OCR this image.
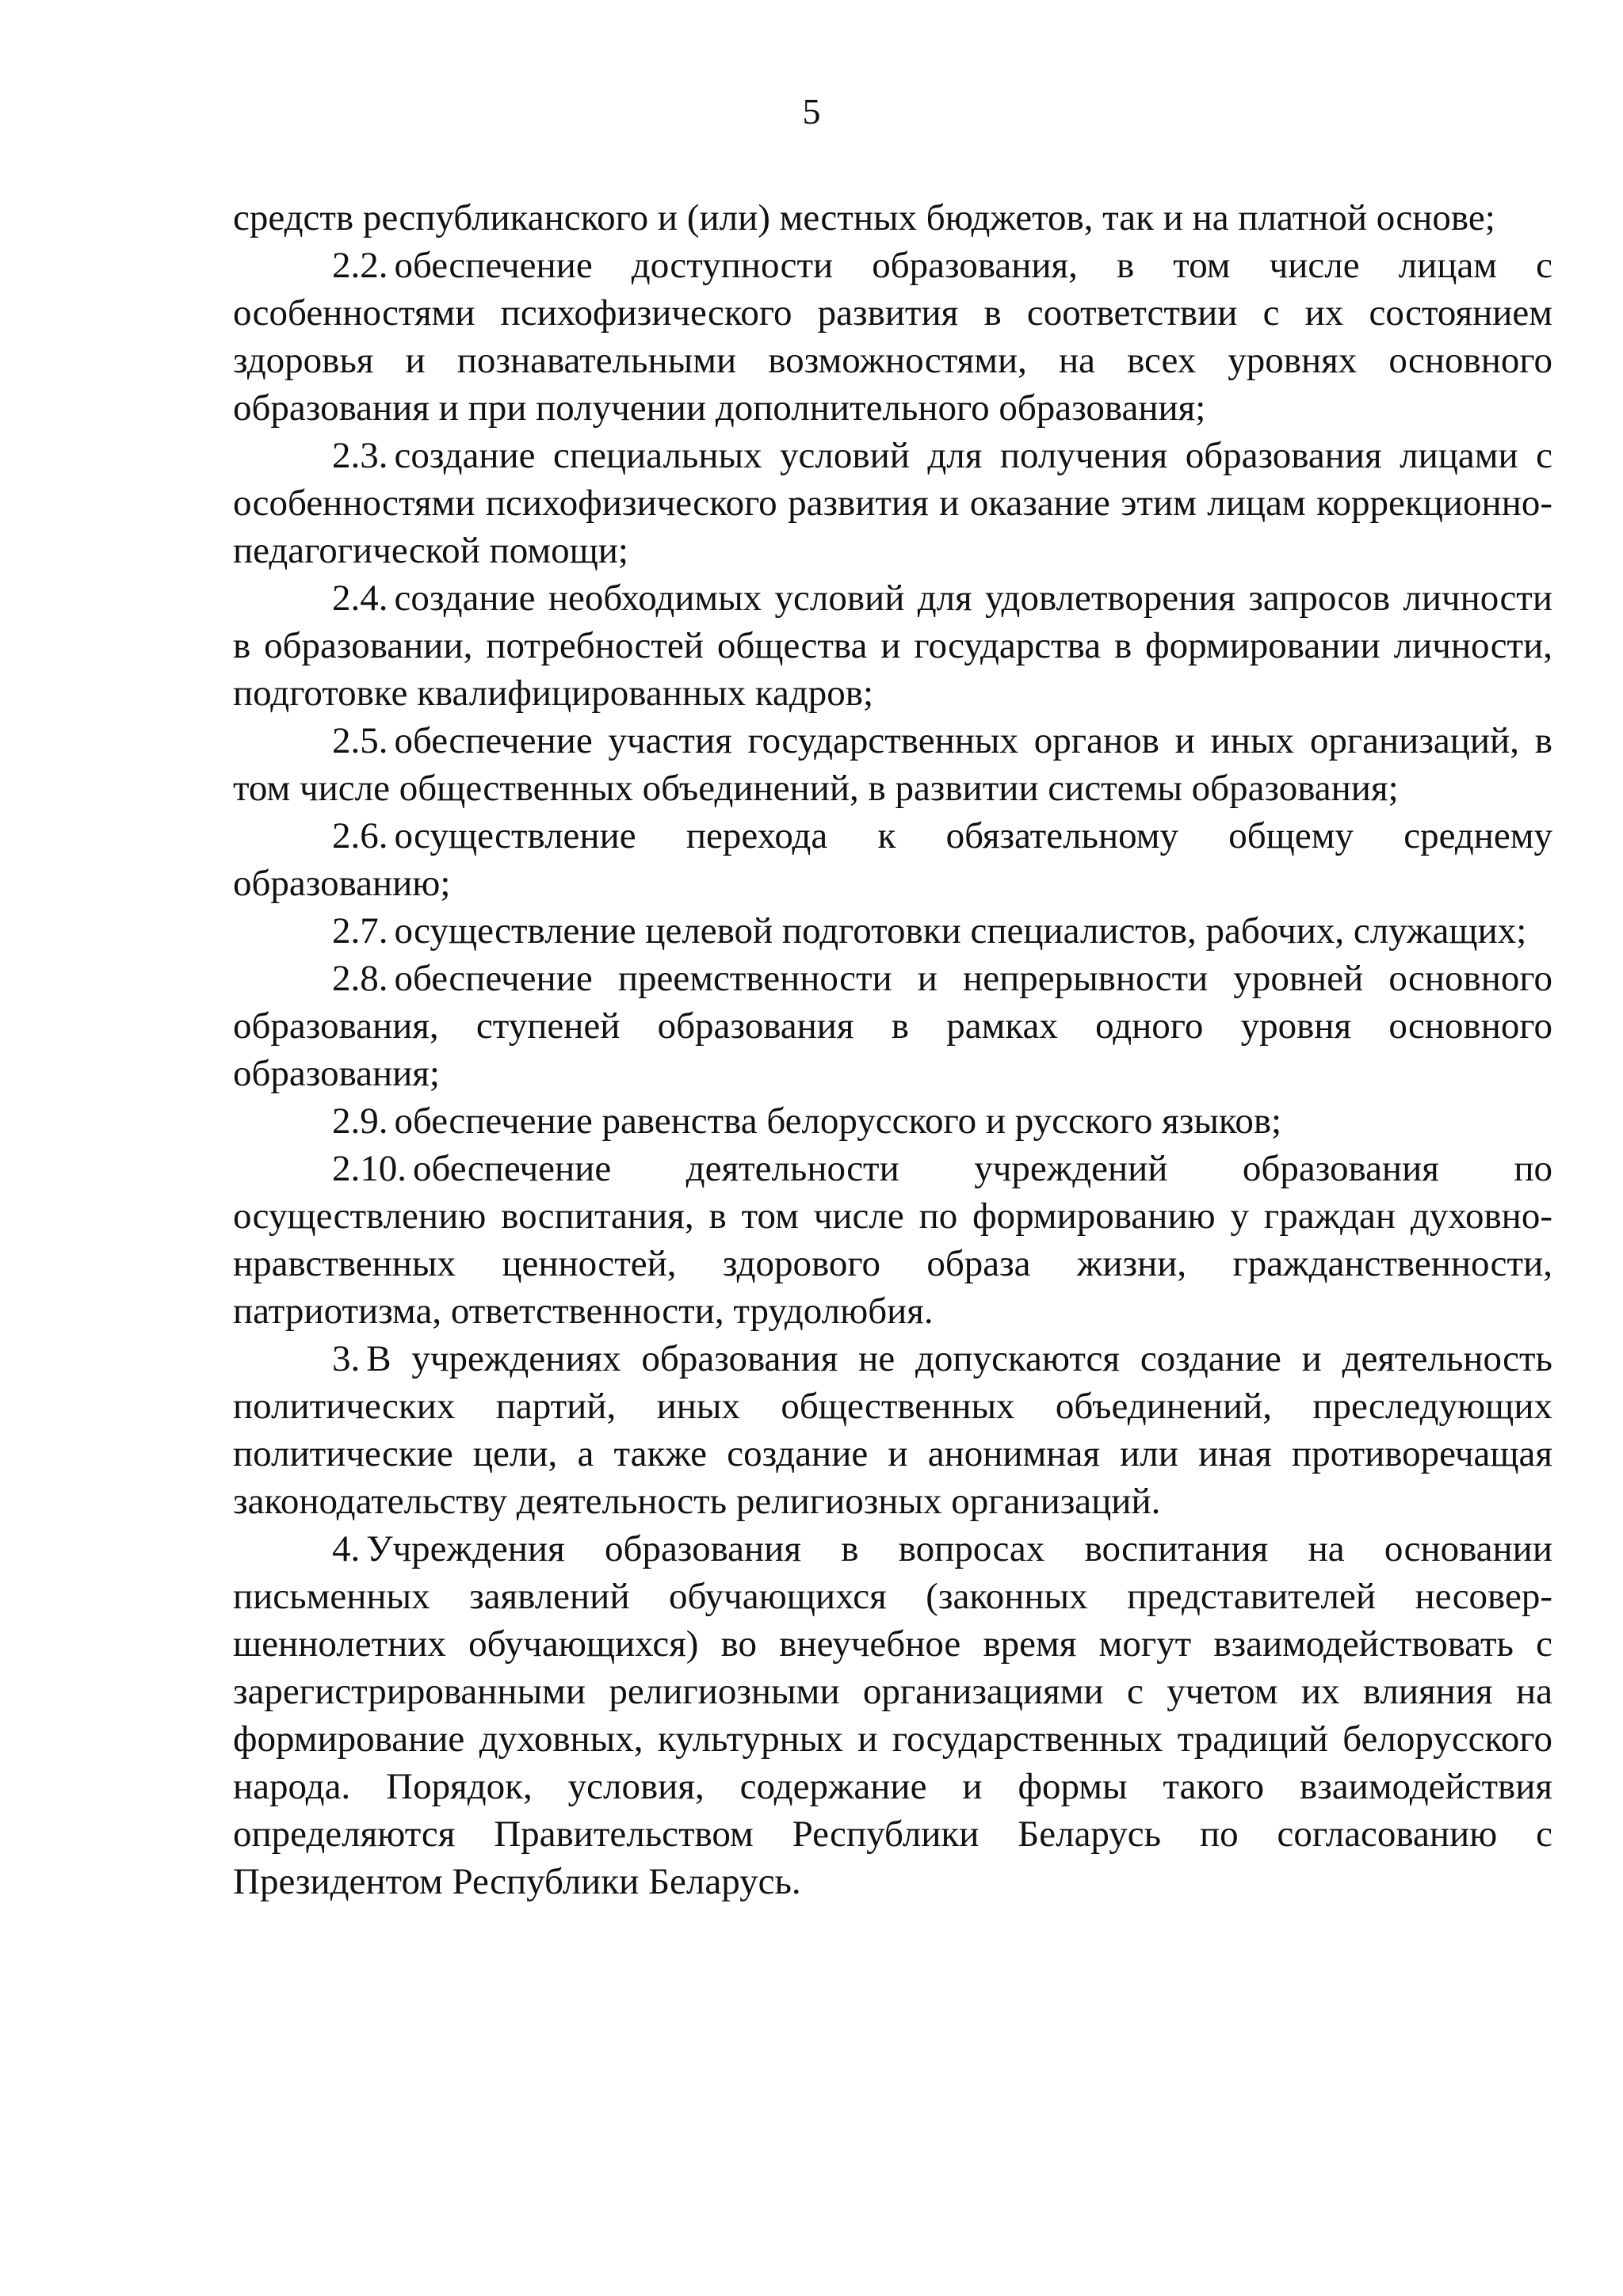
5

средств республиканского и (или) местных бюджетов, так и на платной основе;

2.2. обеспечение доступности образования, в том числе лицам с особенностями психофизического развития в соответствии с их состоянием здоровья и познавательными возможностями, на всех уровнях основного образования и при получении дополнительного образования;

2.3. создание специальных условий для получения образования лицами с особенностями психофизического развития и оказание этим лицам коррекционно-педагогической помощи;

2.4. создание необходимых условий для удовлетворения запросов личности в образовании, потребностей общества и государства в формировании личности, подготовке квалифицированных кадров;

2.5. обеспечение участия государственных органов и иных организаций, в том числе общественных объединений, в развитии системы образования;

2.6. осуществление перехода к обязательному общему среднему образованию;

2.7. осуществление целевой подготовки специалистов, рабочих, служащих;

2.8. обеспечение преемственности и непрерывности уровней основного образования, ступеней образования в рамках одного уровня основного образования;

2.9. обеспечение равенства белорусского и русского языков;

2.10. обеспечение деятельности учреждений образования по осуществлению воспитания, в том числе по формированию у граждан духовно-нравственных ценностей, здорового образа жизни, гражданственности, патриотизма, ответственности, трудолюбия.

3. В учреждениях образования не допускаются создание и деятельность политических партий, иных общественных объединений, преследующих политические цели, а также создание и анонимная или иная противоречащая законодательству деятельность религиозных организаций.

4. Учреждения образования в вопросах воспитания на основании письменных заявлений обучающихся (законных представителей несовершеннолетних обучающихся) во внеучебное время могут взаимодействовать с зарегистрированными религиозными организациями с учетом их влияния на формирование духовных, культурных и государственных традиций белорусского народа. Порядок, условия, содержание и формы такого взаимодействия определяются Правительством Республики Беларусь по согласованию с Президентом Республики Беларусь.
